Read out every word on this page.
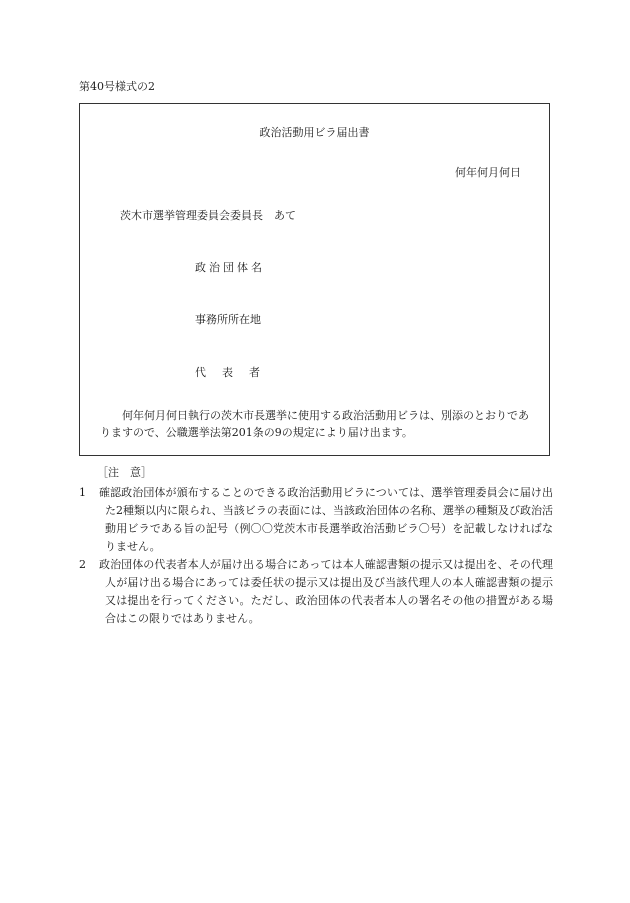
第40号様式の2
政治活動用ビラ届出書
何年何月何日
茨木市選挙管理委員会委員長　あて
政治団体名
事務所所在地
代表者
何年何月何日執行の茨木市長選挙に使用する政治活動用ビラは、別添のとおりでありますので、公職選挙法第201条の9の規定により届け出ます。
［注　意］
1 確認政治団体が頒布することのできる政治活動用ビラについては、選挙管理委員会に届け出た2種類以内に限られ、当該ビラの表面には、当該政治団体の名称、選挙の種類及び政治活動用ビラである旨の記号（例〇〇党茨木市長選挙政治活動ビラ〇号）を記載しなければなりません。
2 政治団体の代表者本人が届け出る場合にあっては本人確認書類の提示又は提出を、その代理人が届け出る場合にあっては委任状の提示又は提出及び当該代理人の本人確認書類の提示又は提出を行ってください。ただし、政治団体の代表者本人の署名その他の措置がある場合はこの限りではありません。
